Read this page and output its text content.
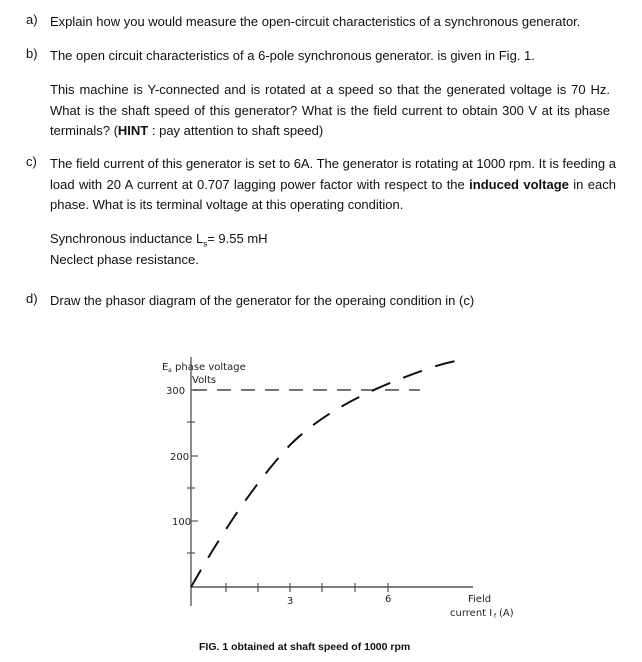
a) Explain how you would measure the open-circuit characteristics of a synchronous generator.
b) The open circuit characteristics of a 6-pole synchronous generator. is given in Fig. 1.
This machine is Y-connected and is rotated at a speed so that the generated voltage is 70 Hz. What is the shaft speed of this generator? What is the field current to obtain 300 V at its phase terminals? (HINT : pay attention to shaft speed)
c) The field current of this generator is set to 6A. The generator is rotating at 1000 rpm. It is feeding a load with 20 A current at 0.707 lagging power factor with respect to the induced voltage in each phase. What is its terminal voltage at this operating condition.
Synchronous inductance $L_s= 9.55$ mH
Neclect phase resistance.
d) Draw the phasor diagram of the generator for the operaing condition in (c)
300
200
100
3	6
E a phase voltage
Volts
Field
current I f (A)
FIG. 1 obtained at shaft speed of 1000 rpm
